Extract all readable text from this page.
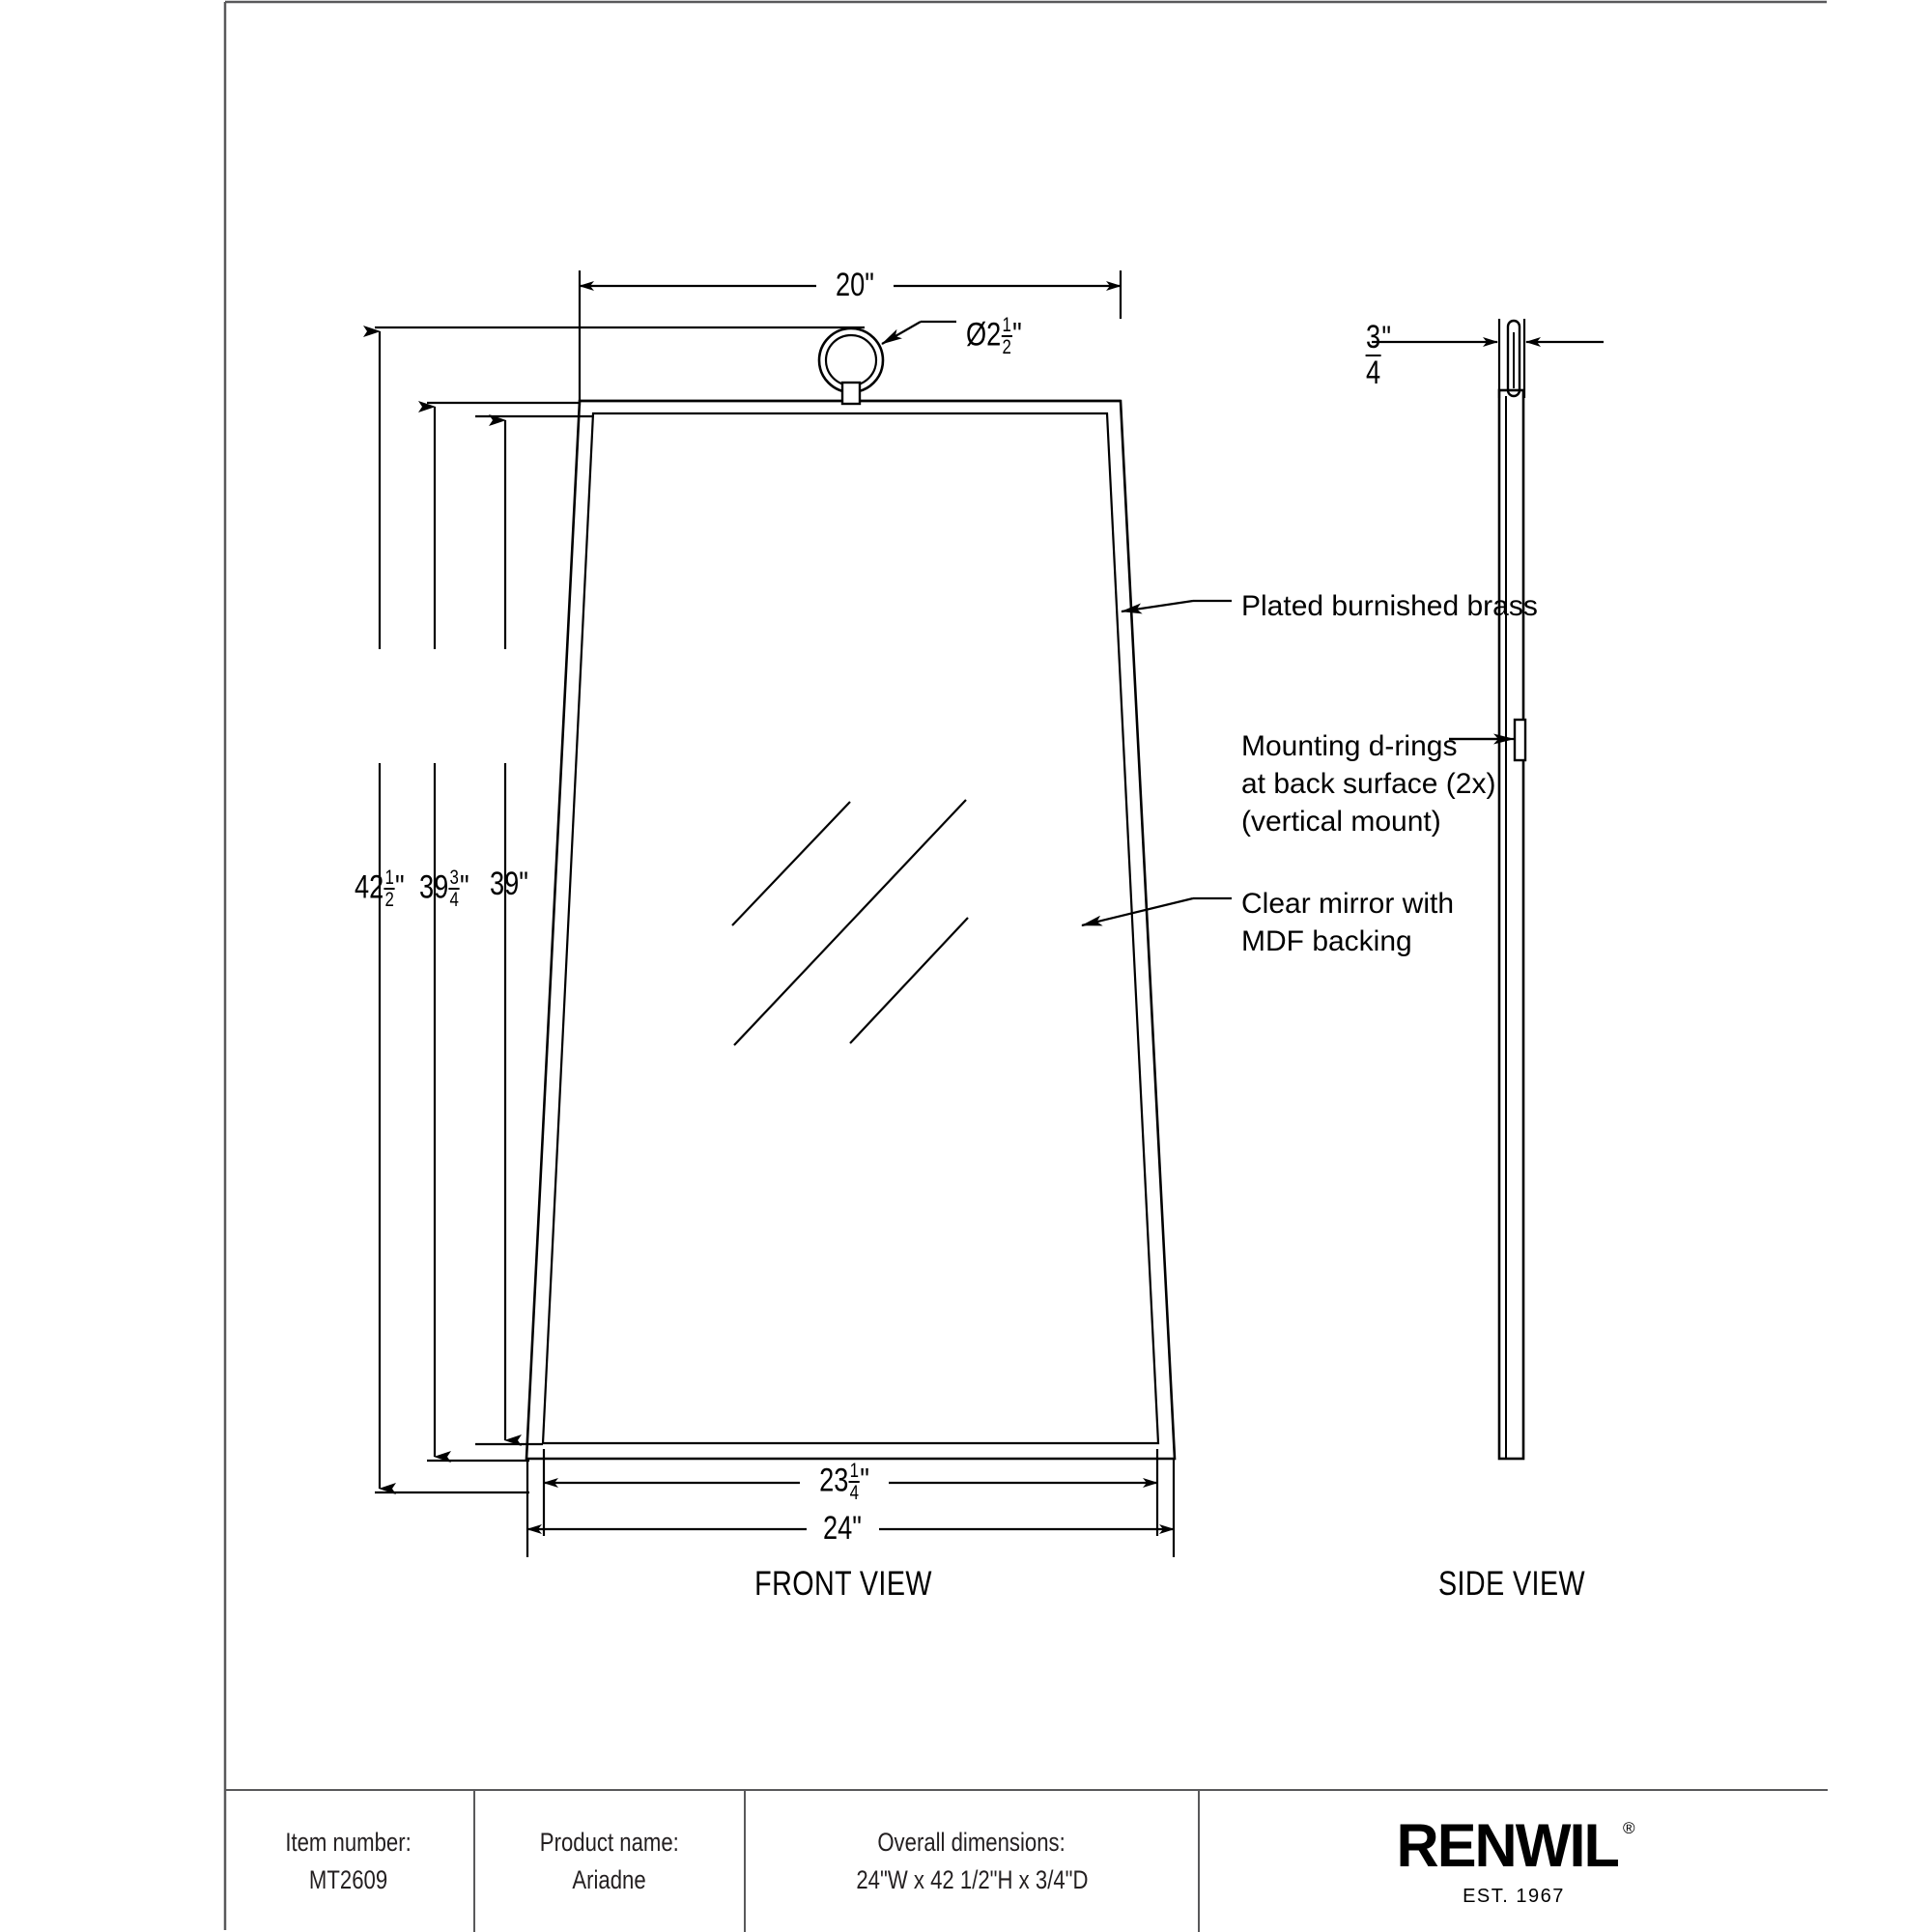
20"
Ø2 $\frac{1}{2}$ "
$42 \frac{1}{2}$ " $39 \frac{3}{4}$ " 39"
$23 \frac{1}{4}$ "
24"
$\frac{3}{4}$ "
Plated burnished brass
Mounting d-rings
at back surface (2x)
(vertical mount)
Clear mirror with
MDF backing
FRONT VIEW	SIDE VIEW
Item number:
MT2609
Product name:
Ariadne
Overall dimensions:
24"W x 42 1/2"H x 3/4"D
RENWIL ®
EST. 1967
